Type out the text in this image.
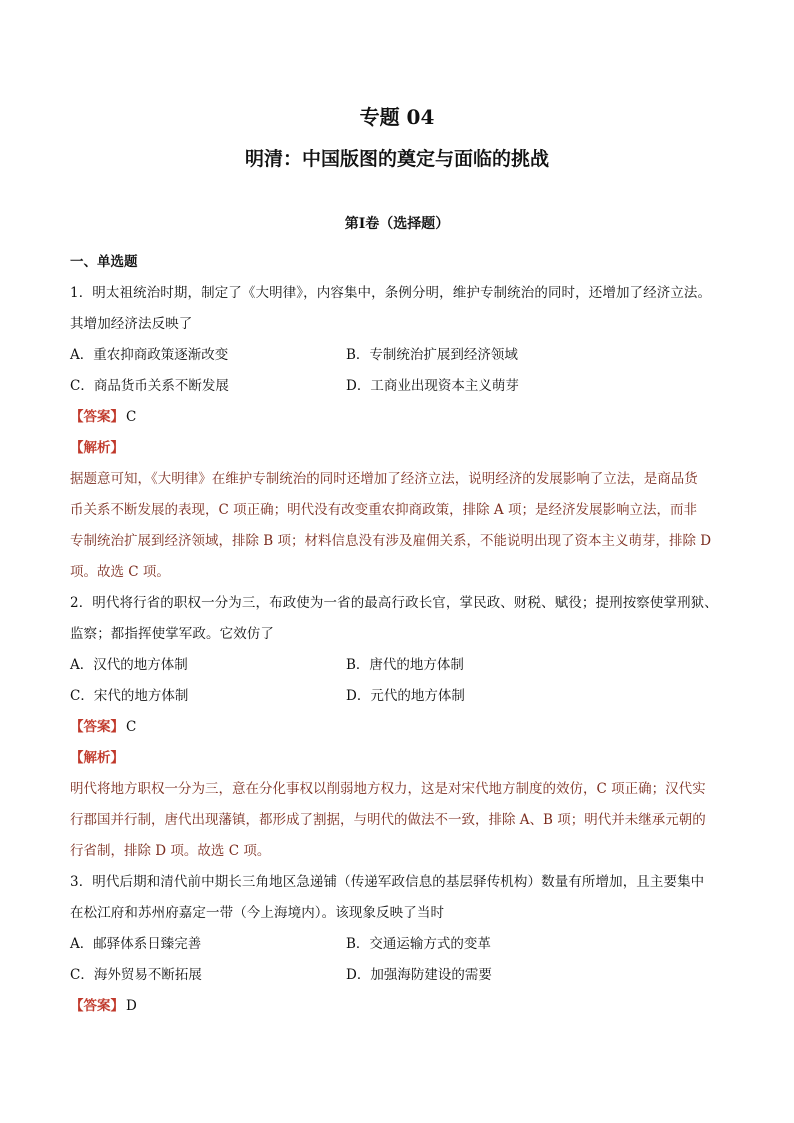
专题 04
明清：中国版图的奠定与面临的挑战
第Ⅰ卷（选择题）
一、单选题
1．明太祖统治时期，制定了《大明律》，内容集中，条例分明，维护专制统治的同时，还增加了经济立法。
其增加经济法反映了
A．重农抑商政策逐渐改变	B．专制统治扩展到经济领域
C．商品货币关系不断发展	D．工商业出现资本主义萌芽
【答案】 C
【解析】
据题意可知，《大明律》在维护专制统治的同时还增加了经济立法，说明经济的发展影响了立法，是商品货
币关系不断发展的表现，C 项正确；明代没有改变重农抑商政策，排除 A 项；是经济发展影响立法，而非
专制统治扩展到经济领域，排除 B 项；材料信息没有涉及雇佣关系，不能说明出现了资本主义萌芽，排除 D
项。故选 C 项。
2．明代将行省的职权一分为三，布政使为一省的最高行政长官，掌民政、财税、赋役；提刑按察使掌刑狱、
监察；都指挥使掌军政。它效仿了
A．汉代的地方体制	B．唐代的地方体制
C．宋代的地方体制	D．元代的地方体制
【答案】 C
【解析】
明代将地方职权一分为三，意在分化事权以削弱地方权力，这是对宋代地方制度的效仿，C 项正确；汉代实
行郡国并行制，唐代出现藩镇，都形成了割据，与明代的做法不一致，排除 A、B 项；明代并未继承元朝的
行省制，排除 D 项。故选 C 项。
3．明代后期和清代前中期长三角地区急递铺（传递军政信息的基层驿传机构）数量有所增加，且主要集中
在松江府和苏州府嘉定一带（今上海境内）。该现象反映了当时
A．邮驿体系日臻完善	B．交通运输方式的变革
C．海外贸易不断拓展	D．加强海防建设的需要
【答案】 D
